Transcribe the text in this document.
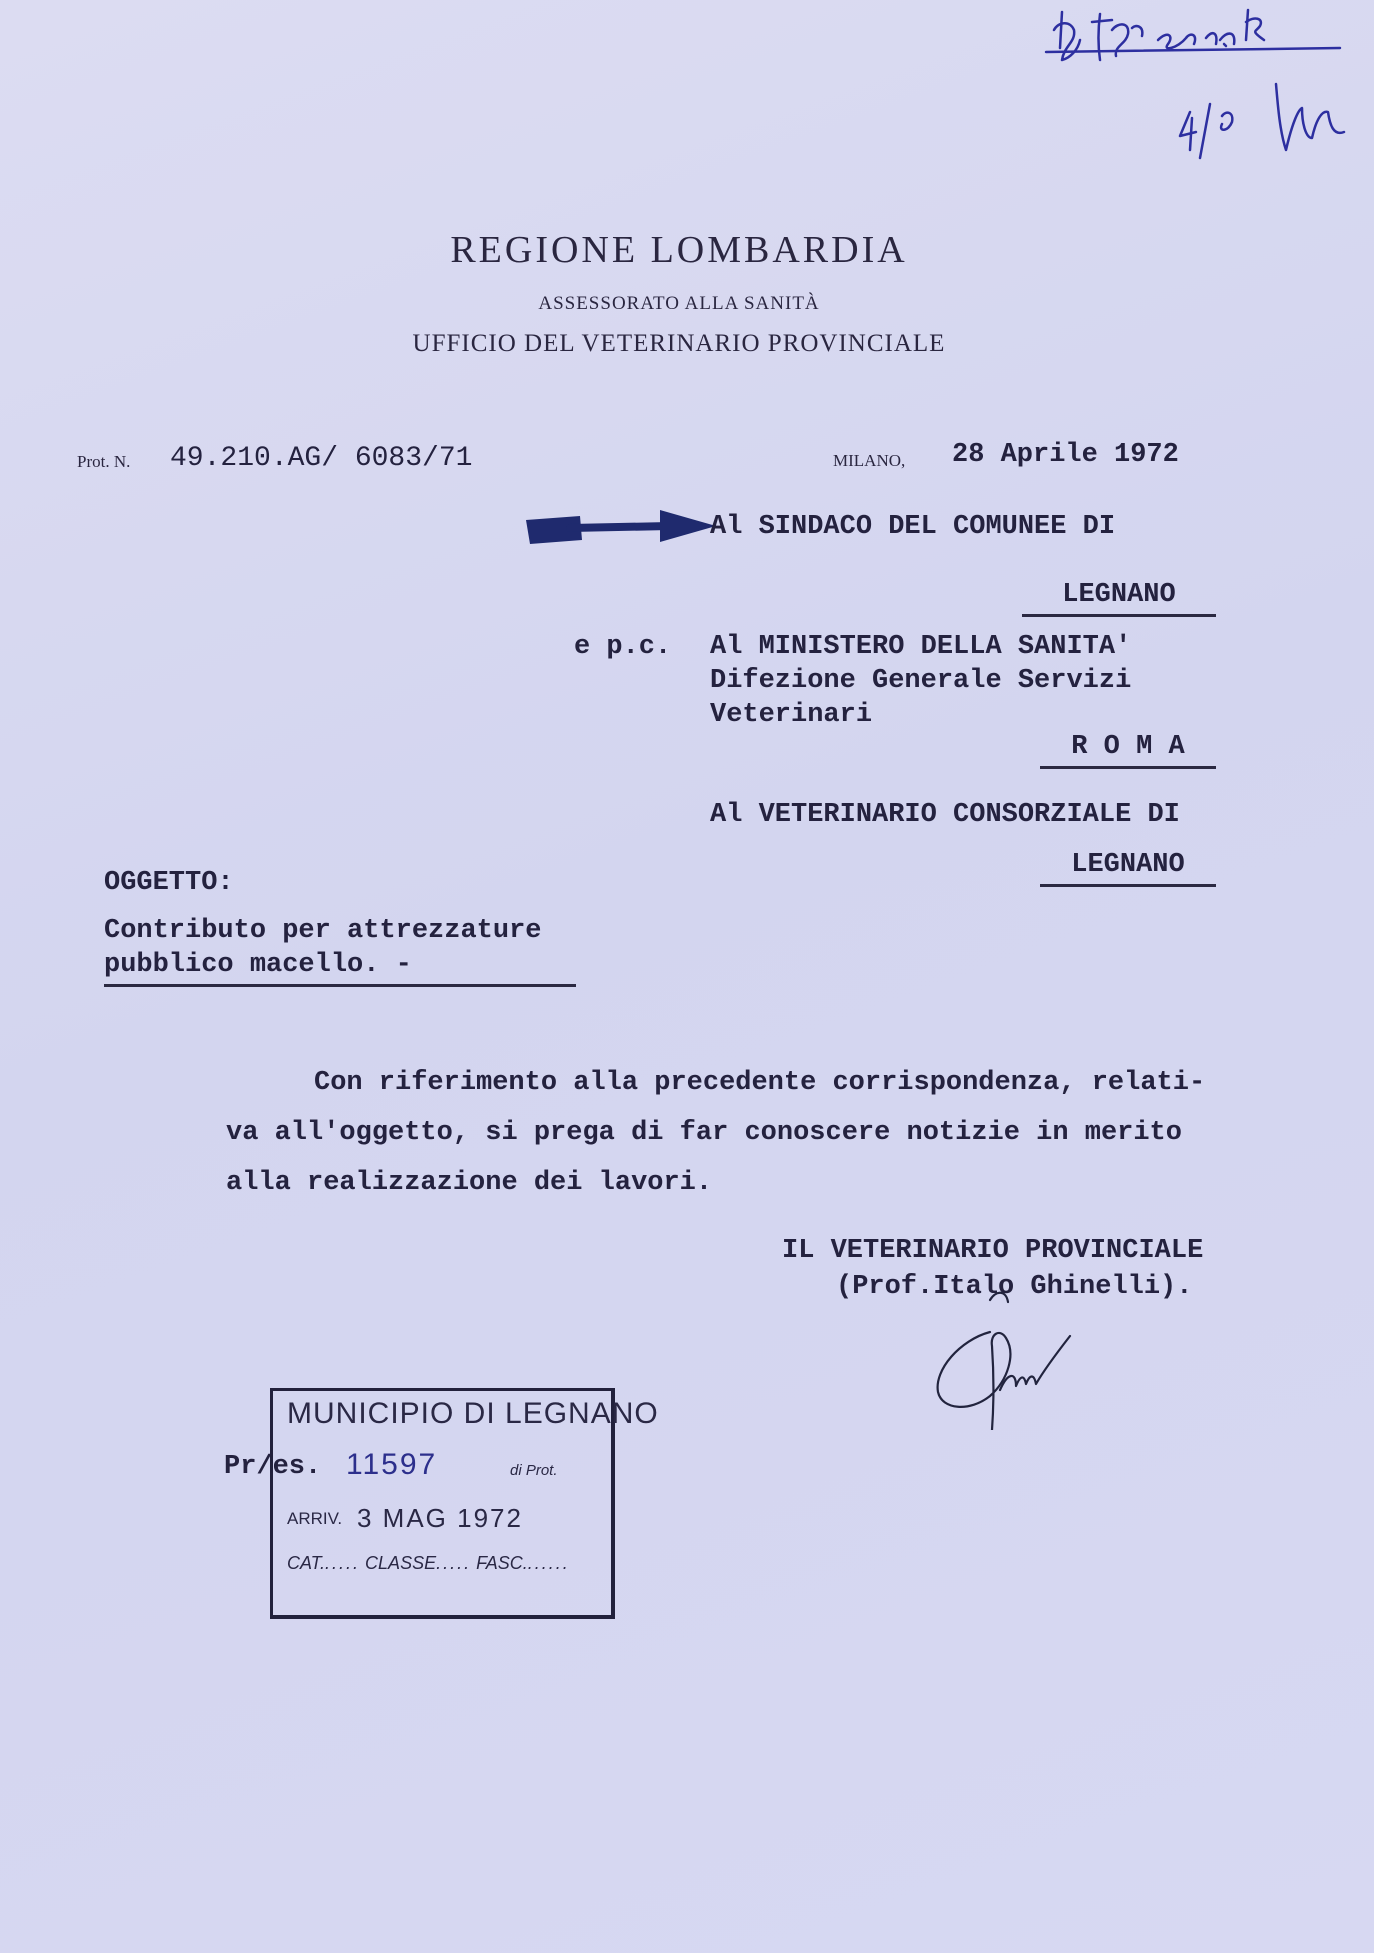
REGIONE LOMBARDIA
ASSESSORATO ALLA SANITÀ
UFFICIO DEL VETERINARIO PROVINCIALE
Prot. N. 49.210.AG/ 6083/71	MILANO, 28 Aprile 1972
Al SINDACO DEL COMUNEE DI
LEGNANO
e p.c. Al MINISTERO DELLA SANITA'
Difezione Generale Servizi
Veterinari
R O M A
Al VETERINARIO CONSORZIALE DI
LEGNANO
OGGETTO:
Contributo per attrezzature
pubblico macello. -
Con riferimento alla precedente corrispondenza, relati-
va all'oggetto, si prega di far conoscere notizie in merito
alla realizzazione dei lavori.
IL VETERINARIO PROVINCIALE
(Prof.Italo Ghinelli).
MUNICIPIO DI LEGNANO
CAT...... CLASSE..... FASC.......
ARRIV. 3 MAG 1972
Pr/es. 11597	di Prot.
